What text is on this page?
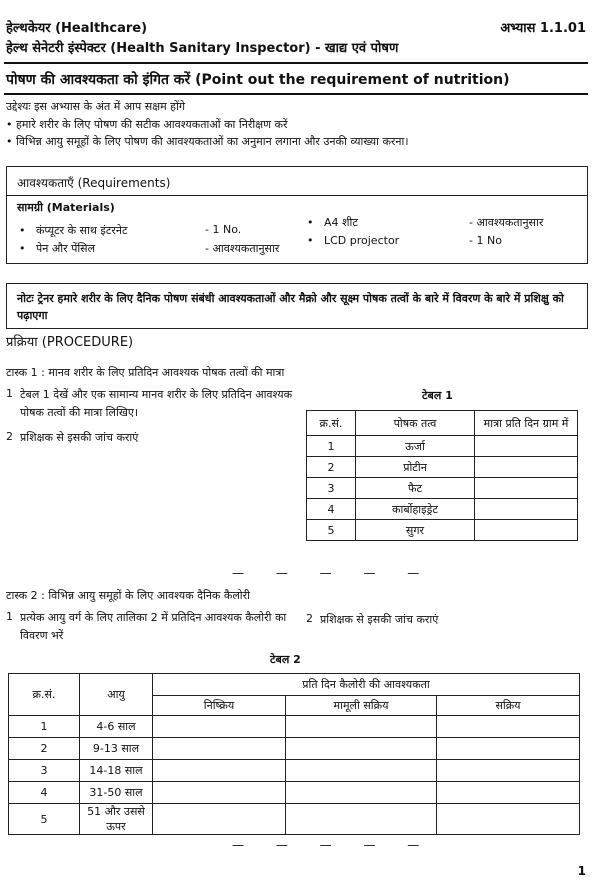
हेल्थकेयर (Healthcare)	अभ्यास 1.1.01
हेल्थ सेनेटरी इंस्पेक्टर (Health Sanitary Inspector) - खाद्य एवं पोषण
पोषण की आवश्यकता को इंगित करें (Point out the requirement of nutrition)
उद्देश्यः इस अभ्यास के अंत में आप सक्षम होंगे
• हमारे शरीर के लिए पोषण की सटीक आवश्यकताओं का निरीक्षण करें
• विभिन्न आयु समूहों के लिए पोषण की आवश्यकताओं का अनुमान लगाना और उनकी व्याख्या करना।
आवश्यकताएँ (Requirements)
सामग्री (Materials)
•   कंप्यूटर के साथ इंटरनेट	- 1 No.
•   पेन और पेंसिल	- आवश्यकतानुसार
•   A4 शीट	- आवश्यकतानुसार
•   LCD projector	- 1 No
नोटः ट्रेनर हमारे शरीर के लिए दैनिक पोषण संबंधी आवश्यकताओं और मैक्रो और सूक्ष्म पोषक तत्वों के बारे में विवरण के बारे में प्रशिक्षु को पढ़ाएगा
प्रक्रिया (PROCEDURE)
टास्क 1 : मानव शरीर के लिए प्रतिदिन आवश्यक पोषक तत्वों की मात्रा
1 टेबल 1 देखें और एक सामान्य मानव शरीर के लिए प्रतिदिन आवश्यक
पोषक तत्वों की मात्रा लिखिए।
2 प्रशिक्षक से इसकी जांच कराएं
टेबल 1
क्र.सं.	पोषक तत्व	मात्रा प्रति दिन ग्राम में
1	ऊर्जा	
2	प्रोटीन	
3	फैट	
4	कार्बोहाइड्रेट	
5	सुगर	
— — — — —
टास्क 2 : विभिन्न आयु समूहों के लिए आवश्यक दैनिक कैलोरी
1 प्रत्येक आयु वर्ग के लिए तालिका 2 में प्रतिदिन आवश्यक कैलोरी का
विवरण भरें
2 प्रशिक्षक से इसकी जांच कराएं
टेबल 2
क्र.सं.	आयु	प्रति दिन कैलोरी की आवश्यकता		
		निष्क्रिय	मामूली सक्रिय	सक्रिय
1	4-6 साल			
2	9-13 साल			
3	14-18 साल			
4	31-50 साल			
5	51 और उससे ऊपर			
— — — — —
1
